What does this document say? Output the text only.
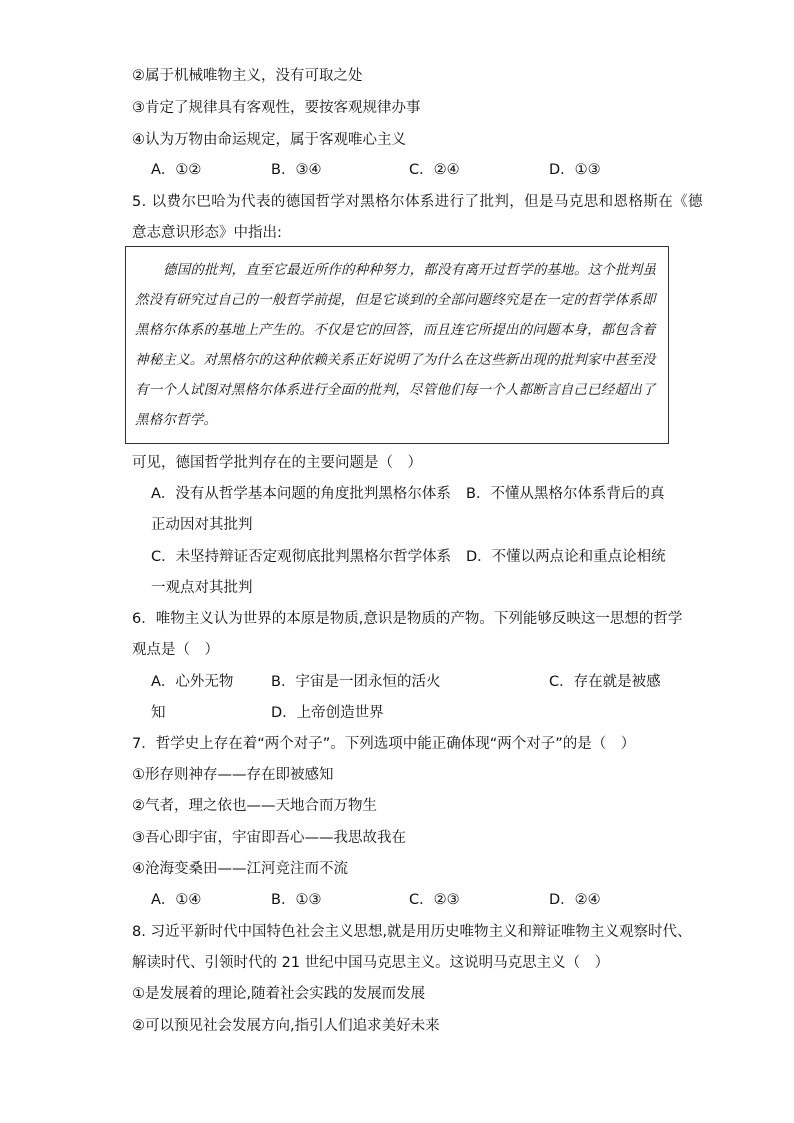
②属于机械唯物主义，没有可取之处
③肯定了规律具有客观性，要按客观规律办事
④认为万物由命运规定，属于客观唯心主义
A．①②	B．③④	C．②④	D．①③
5. 以费尔巴哈为代表的德国哲学对黑格尔体系进行了批判，但是马克思和恩格斯在《德
意志意识形态》中指出:
德国的批判，直至它最近所作的种种努力，都没有离开过哲学的基地。这个批判虽
然没有研究过自己的一般哲学前提，但是它谈到的全部问题终究是在一定的哲学体系即
黑格尔体系的基地上产生的。不仅是它的回答，而且连它所提出的问题本身，都包含着
神秘主义。对黑格尔的这种依赖关系正好说明了为什么在这些新出现的批判家中甚至没
有一个人试图对黑格尔体系进行全面的批判，尽管他们每一个人都断言自己已经超出了
黑格尔哲学。
可见，德国哲学批判存在的主要问题是（　）
A．没有从哲学基本问题的角度批判黑格尔体系 B．不懂从黑格尔体系背后的真
正动因对其批判
C．未坚持辩证否定观彻底批判黑格尔哲学体系 D．不懂以两点论和重点论相统
一观点对其批判
6．唯物主义认为世界的本原是物质,意识是物质的产物。下列能够反映这一思想的哲学
观点是（　）
A．心外无物	B．宇宙是一团永恒的活火	C．存在就是被感
知	D．上帝创造世界
7．哲学史上存在着“两个对子”。下列选项中能正确体现“两个对子”的是（　）
①形存则神存——存在即被感知
②气者，理之依也——天地合而万物生
③吾心即宇宙，宇宙即吾心——我思故我在
④沧海变桑田——江河竞注而不流
A．①④	B．①③	C．②③	D．②④
8. 习近平新时代中国特色社会主义思想,就是用历史唯物主义和辩证唯物主义观察时代、
解读时代、引领时代的 21 世纪中国马克思主义。这说明马克思主义（　）
①是发展着的理论,随着社会实践的发展而发展
②可以预见社会发展方向,指引人们追求美好未来
